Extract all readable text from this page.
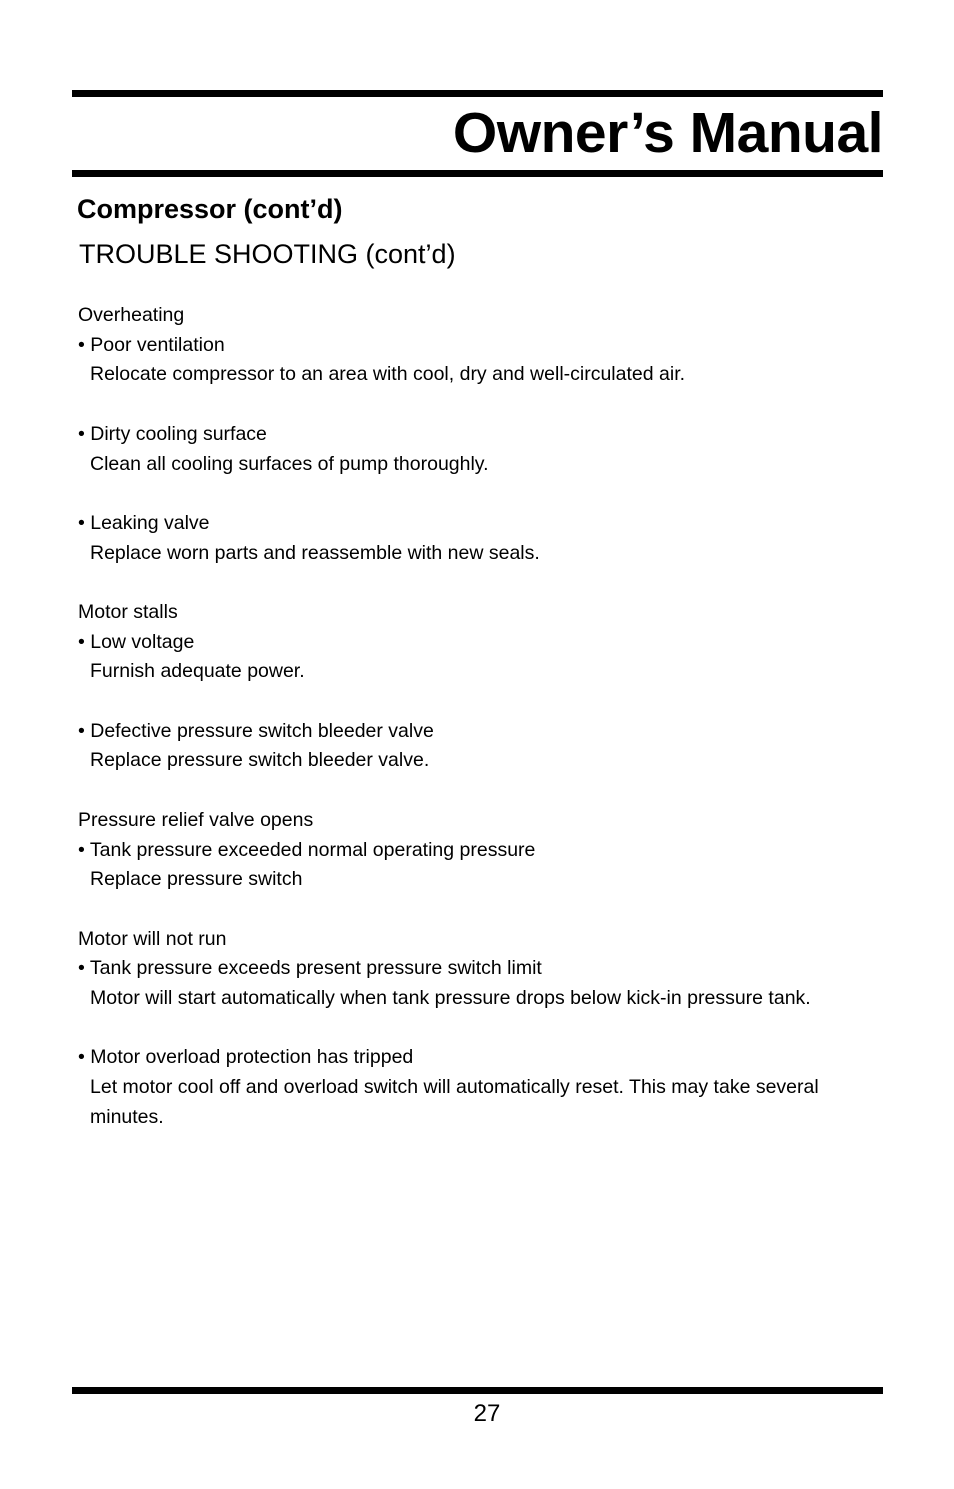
Owner’s Manual
Compressor (cont’d)
TROUBLE SHOOTING (cont’d)

Overheating

• Poor ventilation

Relocate compressor to an area with cool, dry and well-circulated air.

• Dirty cooling surface

Clean all cooling surfaces of pump thoroughly.

• Leaking valve

Replace worn parts and reassemble with new seals.

Motor stalls

• Low voltage

Furnish adequate power.

• Defective pressure switch bleeder valve

Replace pressure switch bleeder valve.

Pressure relief valve opens

• Tank pressure exceeded normal operating pressure

Replace pressure switch

Motor will not run

• Tank pressure exceeds present pressure switch limit

Motor will start automatically when tank pressure drops below kick-in pressure tank.

• Motor overload protection has tripped

Let motor cool off and overload switch will automatically reset. This may take several minutes.

27
